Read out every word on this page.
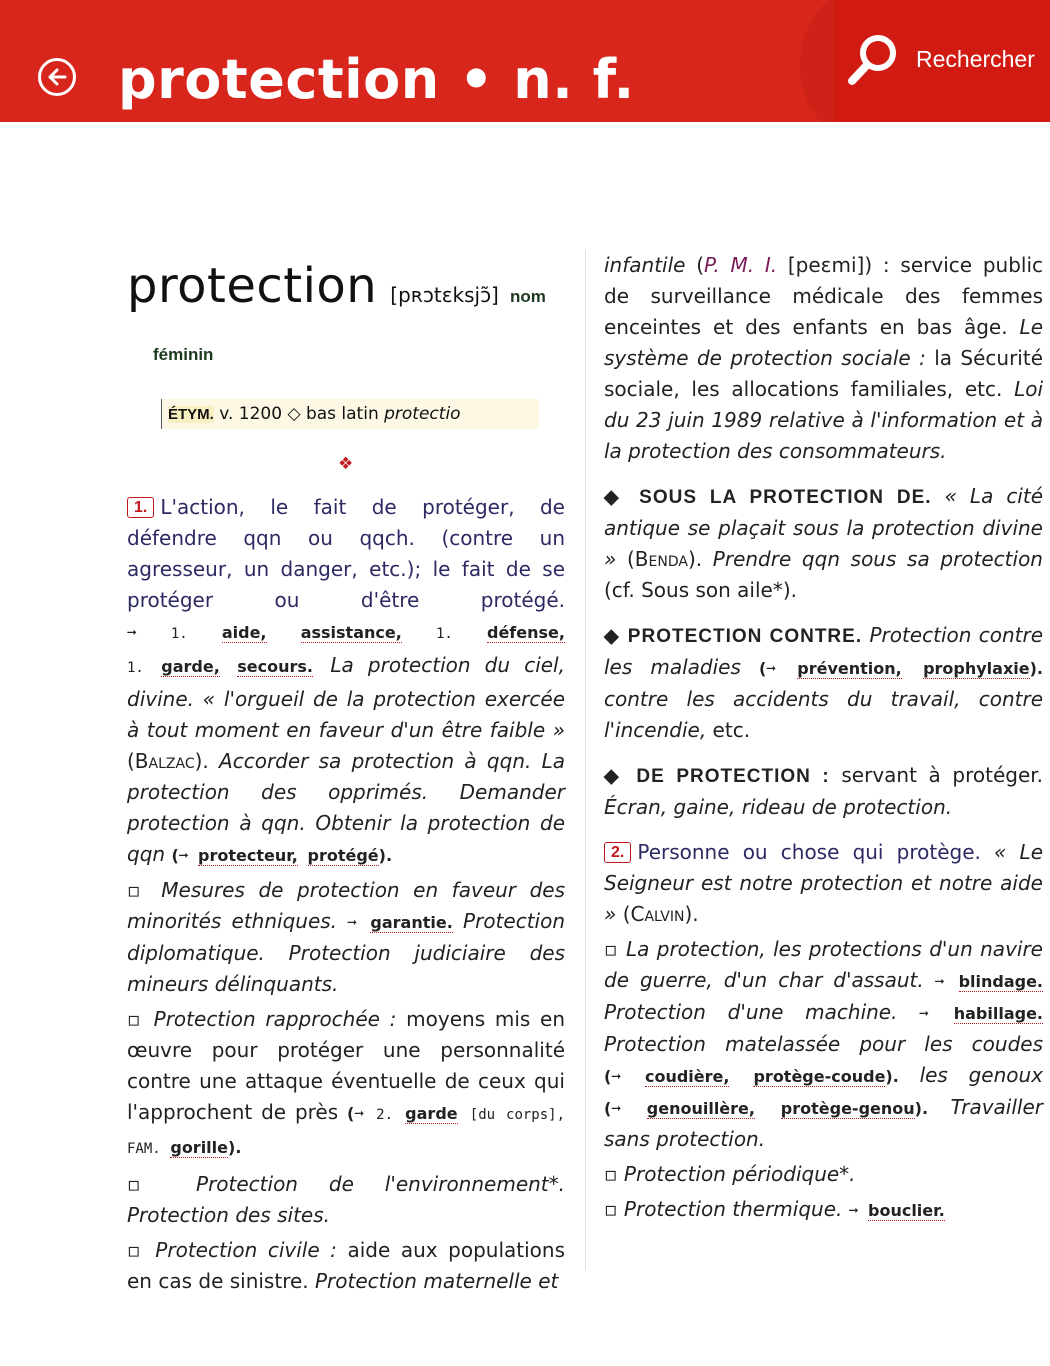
protection • n. f.	Rechercher
protection [pʀɔtɛksjɔ̃] nom
féminin
ÉTYM. v. 1200 ◇ bas latin protectio
❖

1. L'action, le fait de protéger, de défendre qqn ou qqch. (contre un agresseur, un danger, etc.); le fait de se protéger ou d'être protégé. ➞ 1. aide, assistance, 1. défense, 1. garde, secours. La protection du ciel, divine. « l'orgueil de la protection exercée à tout moment en faveur d'un être faible » (Balzac). Accorder sa protection à qqn. La protection des opprimés. Demander protection à qqn. Obtenir la protection de qqn (➞ protecteur, protégé).

▫ Mesures de protection en faveur des minorités ethniques. ➞ garantie. Protection diplomatique. Protection judiciaire des mineurs délinquants.

▫ Protection rapprochée : moyens mis en œuvre pour protéger une personnalité contre une attaque éventuelle de ceux qui l'approchent de près (➞ 2. garde [du corps], FAM. gorille).

▫ Protection de l'environnement*. Protection des sites.

▫ Protection civile : aide aux populations en cas de sinistre. Protection maternelle et

infantile (P. M. I. [peɛmi]) : service public de surveillance médicale des femmes enceintes et des enfants en bas âge. Le système de protection sociale : la Sécurité sociale, les allocations familiales, etc. Loi du 23 juin 1989 relative à l'information et à la protection des consommateurs.

◆ SOUS LA PROTECTION DE. « La cité antique se plaçait sous la protection divine » (Benda). Prendre qqn sous sa protection (cf. Sous son aile*).

◆ PROTECTION CONTRE. Protection contre les maladies (➞ prévention, prophylaxie). contre les accidents du travail, contre l'incendie, etc.

◆ DE PROTECTION : servant à protéger. Écran, gaine, rideau de protection.

2. Personne ou chose qui protège. « Le Seigneur est notre protection et notre aide » (Calvin).

▫ La protection, les protections d'un navire de guerre, d'un char d'assaut. ➞ blindage. Protection d'une machine. ➞ habillage. Protection matelassée pour les coudes (➞ coudière, protège-coude). les genoux (➞ genouillère, protège-genou). Travailler sans protection.

▫ Protection périodique*.

▫ Protection thermique. ➞ bouclier.
